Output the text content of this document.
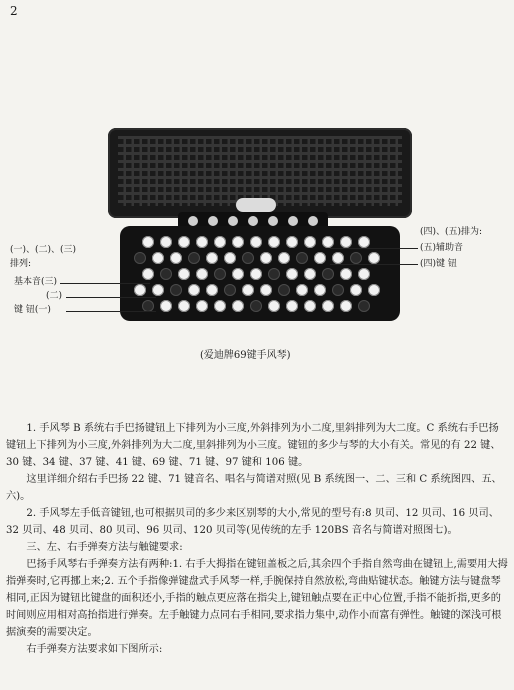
2
(一)、(二)、(三)
排列:
基本音(三)
(二)
键 钮(一)
(四)、(五)排为:
(五)辅助音
(四)键 钮
(爱迪牌69键手风琴)

1. 手风琴 B 系统右手巴扬键钮上下排列为小三度,外斜排列为小二度,里斜排列为大二度。C 系统右手巴扬键钮上下排列为小三度,外斜排列为大二度,里斜排列为小三度。键钮的多少与琴的大小有关。常见的有 22 键、30 键、34 键、37 键、41 键、69 键、71 键、97 键和 106 键。

这里详细介绍右手巴扬 22 键、71 键音名、唱名与简谱对照(见 B 系统图一、二、三和 C 系统图四、五、六)。

2. 手风琴左手低音键钮,也可根据贝司的多少来区别琴的大小,常见的型号有:8 贝司、12 贝司、16 贝司、32 贝司、48 贝司、80 贝司、96 贝司、120 贝司等(见传统的左手 120BS 音名与简谱对照图七)。

三、左、右手弹奏方法与触键要求:

巴扬手风琴右手弹奏方法有两种:1. 右手大拇指在键钮盖板之后,其余四个手指自然弯曲在键钮上,需要用大拇指弹奏时,它再挪上来;2. 五个手指像弹键盘式手风琴一样,手腕保持自然放松,弯曲贴键状态。触键方法与键盘琴相同,正因为键钮比键盘的面积还小,手指的触点更应落在指尖上,键钮触点要在正中心位置,手指不能折指,更多的时间则应用相对高抬指进行弹奏。左手触键力点同右手相同,要求指力集中,动作小而富有弹性。触键的深浅可根据演奏的需要决定。

右手弹奏方法要求如下图所示:
